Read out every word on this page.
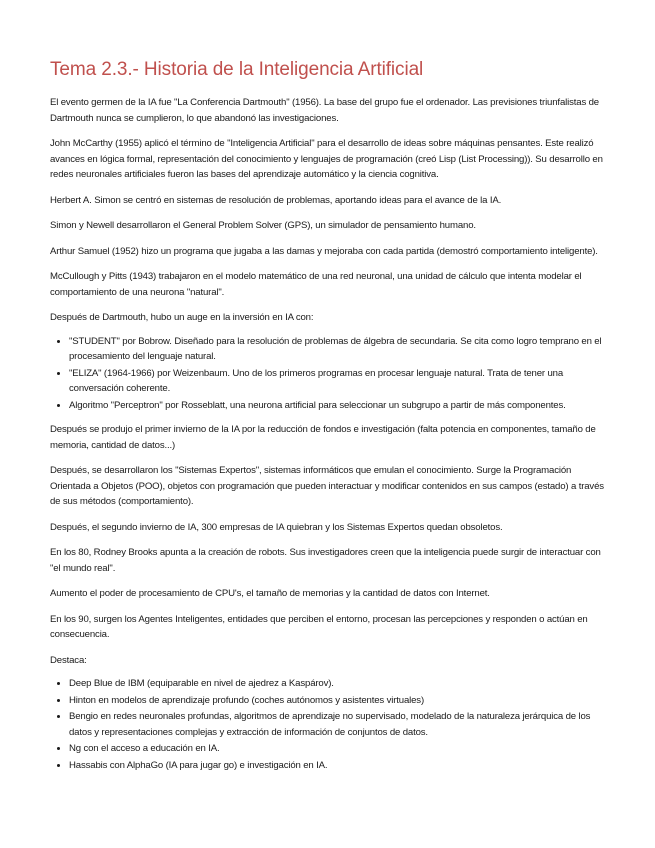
Tema 2.3.- Historia de la Inteligencia Artificial

El evento germen de la IA fue "La Conferencia Dartmouth" (1956). La base del grupo fue el ordenador. Las previsiones triunfalistas de Dartmouth nunca se cumplieron, lo que abandonó las investigaciones.

John McCarthy (1955) aplicó el término de "Inteligencia Artificial" para el desarrollo de ideas sobre máquinas pensantes. Este realizó avances en lógica formal, representación del conocimiento y lenguajes de programación (creó Lisp (List Processing)). Su desarrollo en redes neuronales artificiales fueron las bases del aprendizaje automático y la ciencia cognitiva.

Herbert A. Simon se centró en sistemas de resolución de problemas, aportando ideas para el avance de la IA.

Simon y Newell desarrollaron el General Problem Solver (GPS), un simulador de pensamiento humano.

Arthur Samuel (1952) hizo un programa que jugaba a las damas y mejoraba con cada partida (demostró comportamiento inteligente).

McCullough y Pitts (1943) trabajaron en el modelo matemático de una red neuronal, una unidad de cálculo que intenta modelar el comportamiento de una neurona "natural".

Después de Dartmouth, hubo un auge en la inversión en IA con:

• "STUDENT" por Bobrow. Diseñado para la resolución de problemas de álgebra de secundaria. Se cita como logro temprano en el procesamiento del lenguaje natural.
• "ELIZA" (1964-1966) por Weizenbaum. Uno de los primeros programas en procesar lenguaje natural. Trata de tener una conversación coherente.
• Algoritmo "Perceptron" por Rosseblatt, una neurona artificial para seleccionar un subgrupo a partir de más componentes.

Después se produjo el primer invierno de la IA por la reducción de fondos e investigación (falta potencia en componentes, tamaño de memoria, cantidad de datos...)

Después, se desarrollaron los "Sistemas Expertos", sistemas informáticos que emulan el conocimiento. Surge la Programación Orientada a Objetos (POO), objetos con programación que pueden interactuar y modificar contenidos en sus campos (estado) a través de sus métodos (comportamiento).

Después, el segundo invierno de IA, 300 empresas de IA quiebran y los Sistemas Expertos quedan obsoletos.

En los 80, Rodney Brooks apunta a la creación de robots. Sus investigadores creen que la inteligencia puede surgir de interactuar con "el mundo real".

Aumento el poder de procesamiento de CPU's, el tamaño de memorias y la cantidad de datos con Internet.

En los 90, surgen los Agentes Inteligentes, entidades que perciben el entorno, procesan las percepciones y responden o actúan en consecuencia.

Destaca:

• Deep Blue de IBM (equiparable en nivel de ajedrez a Kaspárov).
• Hinton en modelos de aprendizaje profundo (coches autónomos y asistentes virtuales)
• Bengio en redes neuronales profundas, algoritmos de aprendizaje no supervisado, modelado de la naturaleza jerárquica de los datos y representaciones complejas y extracción de información de conjuntos de datos.
• Ng con el acceso a educación en IA.
• Hassabis con AlphaGo (IA para jugar go) e investigación en IA.
